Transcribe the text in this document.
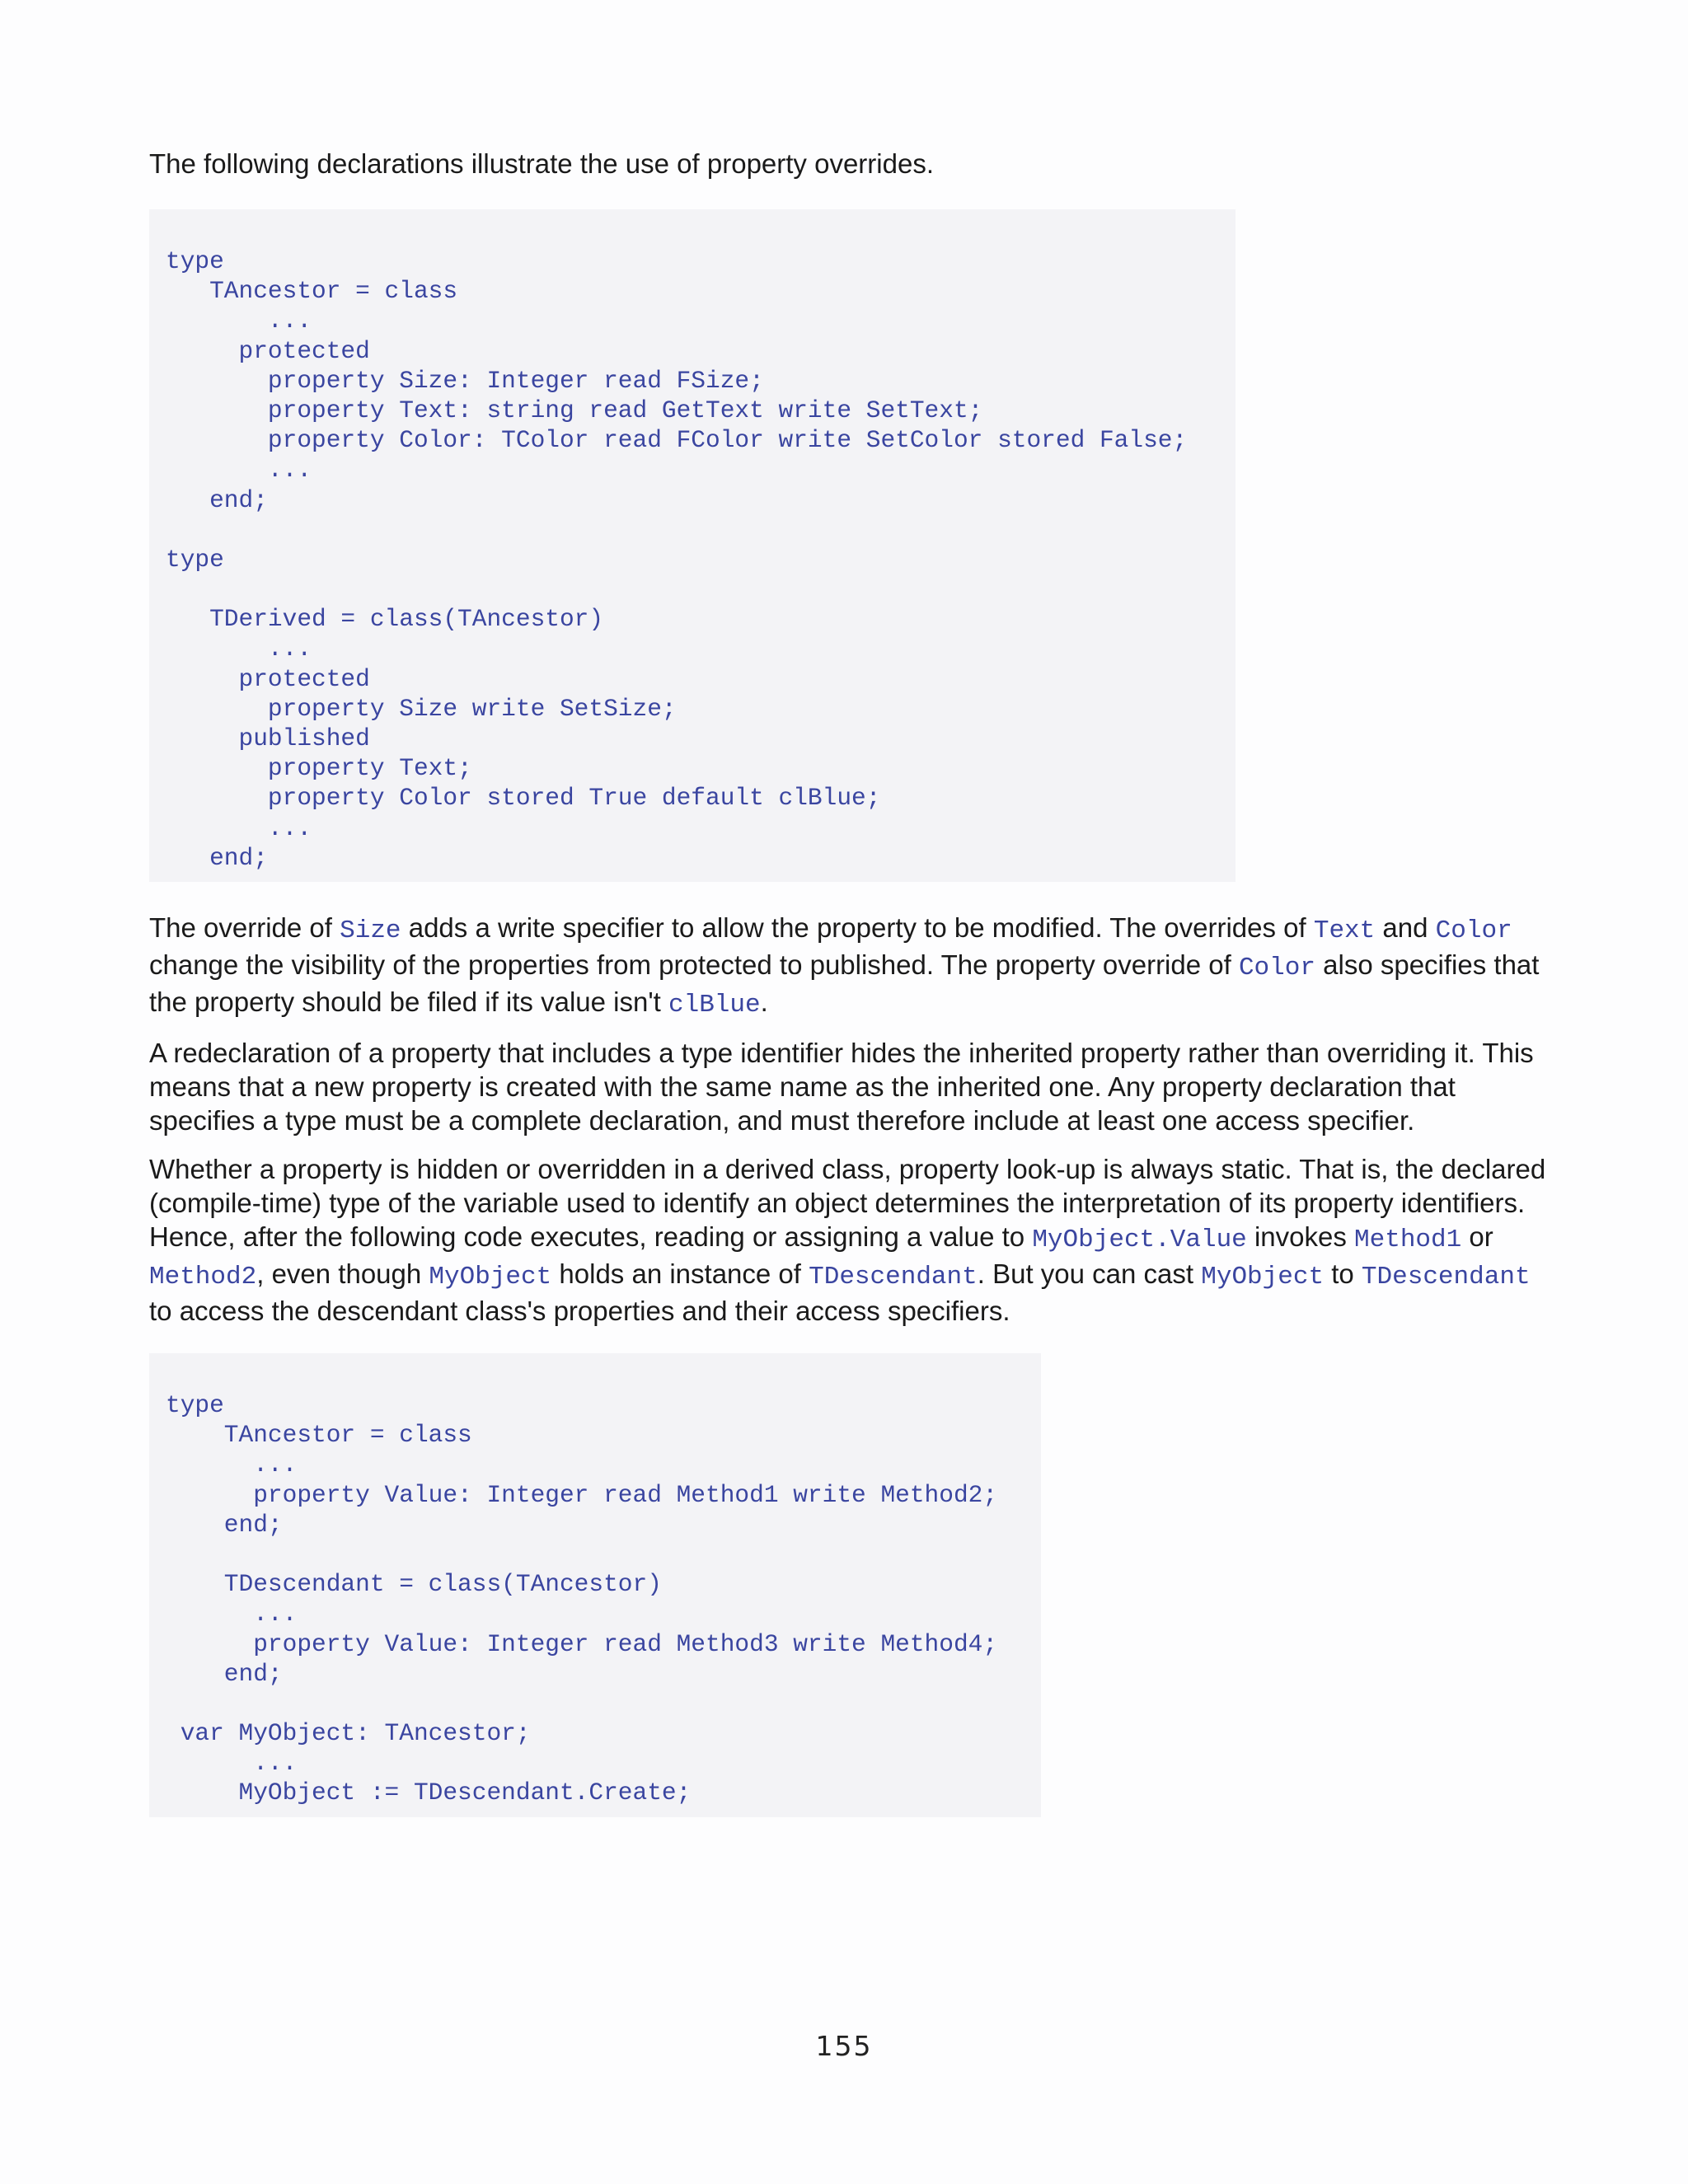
The following declarations illustrate the use of property overrides.

type
TAncestor = class
...
protected
property Size: Integer read FSize;
property Text: string read GetText write SetText;
property Color: TColor read FColor write SetColor stored False;
...
end;
type
TDerived = class(TAncestor)
...
protected
property Size write SetSize;
published
property Text;
property Color stored True default clBlue;
...
end;

The override of Size adds a write specifier to allow the property to be modified. The overrides of Text and Color change the visibility of the properties from protected to published. The property override of Color also specifies that the property should be filed if its value isn't clBlue.

A redeclaration of a property that includes a type identifier hides the inherited property rather than overriding it. This means that a new property is created with the same name as the inherited one. Any property declaration that specifies a type must be a complete declaration, and must therefore include at least one access specifier.

Whether a property is hidden or overridden in a derived class, property look-up is always static. That is, the declared (compile-time) type of the variable used to identify an object determines the interpretation of its property identifiers. Hence, after the following code executes, reading or assigning a value to MyObject.Value invokes Method1 or Method2, even though MyObject holds an instance of TDescendant. But you can cast MyObject to TDescendant to access the descendant class's properties and their access specifiers.

type
TAncestor = class
...
property Value: Integer read Method1 write Method2;
end;
TDescendant = class(TAncestor)
...
property Value: Integer read Method3 write Method4;
end;
var MyObject: TAncestor;
...
MyObject := TDescendant.Create;
155
